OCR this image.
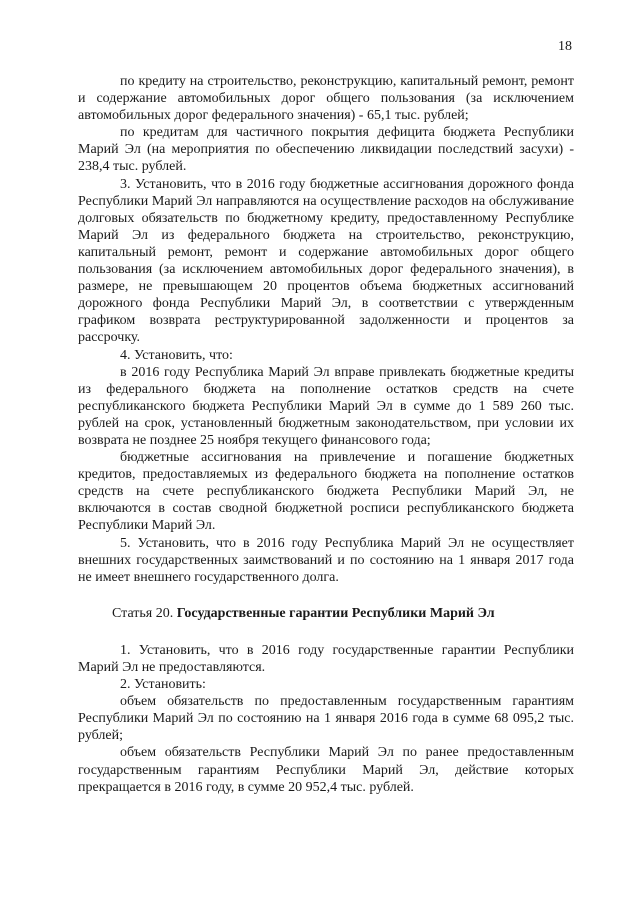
18

по кредиту на строительство, реконструкцию, капитальный ремонт, ремонт и содержание автомобильных дорог общего пользования (за исключением автомобильных дорог федерального значения) - 65,1 тыс. рублей;

по кредитам для частичного покрытия дефицита бюджета Республики Марий Эл (на мероприятия по обеспечению ликвидации последствий засухи) - 238,4 тыс. рублей.

3. Установить, что в 2016 году бюджетные ассигнования дорожного фонда Республики Марий Эл направляются на осуществление расходов на обслуживание долговых обязательств по бюджетному кредиту, предоставленному Республике Марий Эл из федерального бюджета на строительство, реконструкцию, капитальный ремонт, ремонт и содержание автомобильных дорог общего пользования (за исключением автомобильных дорог федерального значения), в размере, не превышающем 20 процентов объема бюджетных ассигнований дорожного фонда Республики Марий Эл, в соответствии с утвержденным графиком возврата реструктурированной задолженности и процентов за рассрочку.

4. Установить, что:

в 2016 году Республика Марий Эл вправе привлекать бюджетные кредиты из федерального бюджета на пополнение остатков средств на счете республиканского бюджета Республики Марий Эл в сумме до 1 589 260 тыс. рублей на срок, установленный бюджетным законодательством, при условии их возврата не позднее 25 ноября текущего финансового года;

бюджетные ассигнования на привлечение и погашение бюджетных кредитов, предоставляемых из федерального бюджета на пополнение остатков средств на счете республиканского бюджета Республики Марий Эл, не включаются в состав сводной бюджетной росписи республиканского бюджета Республики Марий Эл.

5. Установить, что в 2016 году Республика Марий Эл не осуществляет внешних государственных заимствований и по состоянию на 1 января 2017 года не имеет внешнего государственного долга.

Статья 20. Государственные гарантии Республики Марий Эл

1. Установить, что в 2016 году государственные гарантии Республики Марий Эл не предоставляются.

2. Установить:

объем обязательств по предоставленным государственным гарантиям Республики Марий Эл по состоянию на 1 января 2016 года в сумме 68 095,2 тыс. рублей;

объем обязательств Республики Марий Эл по ранее предоставленным государственным гарантиям Республики Марий Эл, действие которых прекращается в 2016 году, в сумме 20 952,4 тыс. рублей.
